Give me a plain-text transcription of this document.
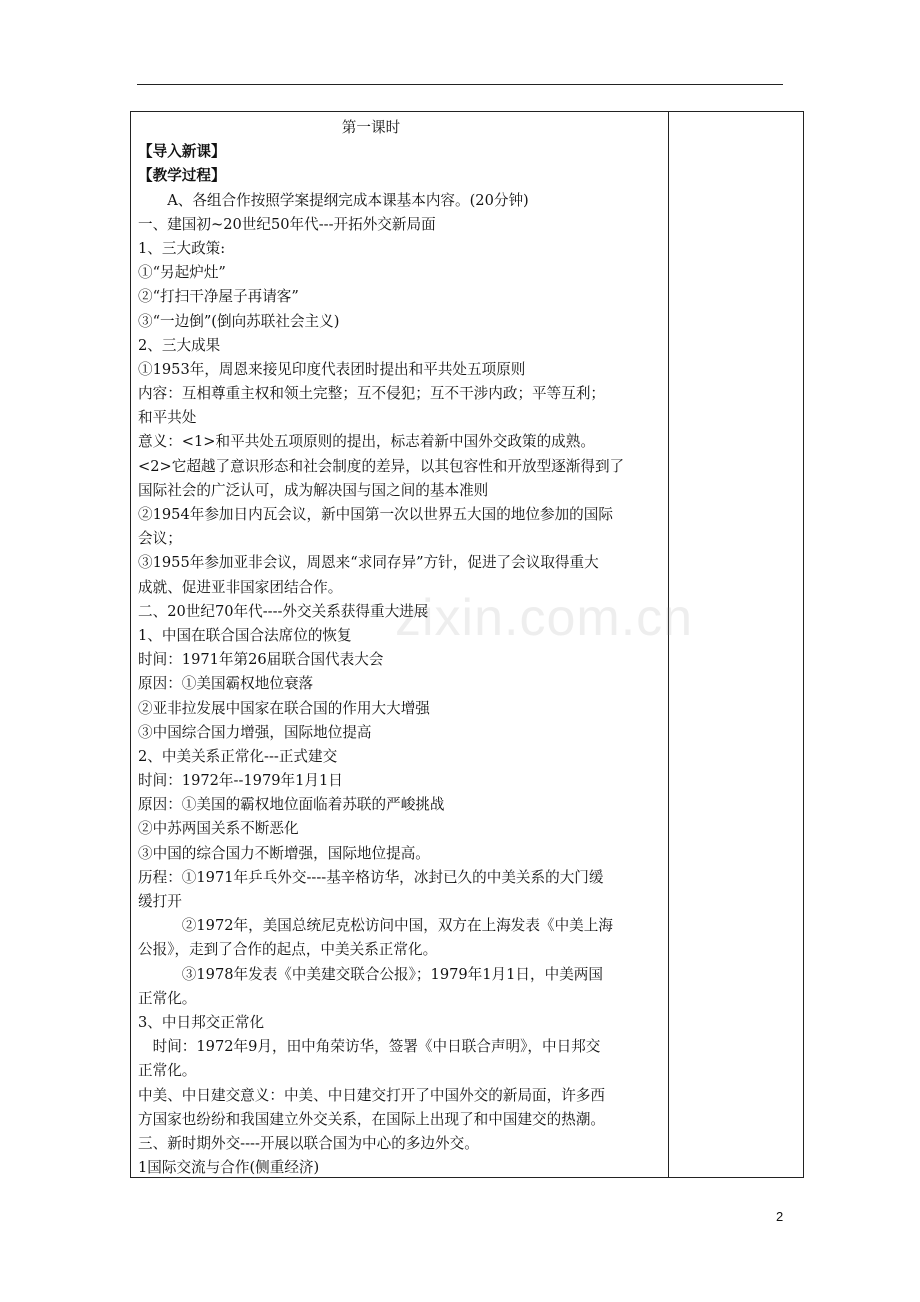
第一课时
【导入新课】
【教学过程】
　　A、各组合作按照学案提纲完成本课基本内容。(20分钟)
一、建国初~20世纪50年代---开拓外交新局面
1、三大政策:
①“另起炉灶”
②“打扫干净屋子再请客”
③“一边倒”(倒向苏联社会主义)
2、三大成果
①1953年，周恩来接见印度代表团时提出和平共处五项原则
内容：互相尊重主权和领土完整；互不侵犯；互不干涉内政；平等互利；
和平共处
意义：<1>和平共处五项原则的提出，标志着新中国外交政策的成熟。
<2>它超越了意识形态和社会制度的差异，以其包容性和开放型逐渐得到了
国际社会的广泛认可，成为解决国与国之间的基本准则
②1954年参加日内瓦会议，新中国第一次以世界五大国的地位参加的国际
会议；
③1955年参加亚非会议，周恩来“求同存异”方针，促进了会议取得重大
成就、促进亚非国家团结合作。
二、20世纪70年代----外交关系获得重大进展
1、中国在联合国合法席位的恢复
时间：1971年第26届联合国代表大会
原因：①美国霸权地位衰落
②亚非拉发展中国家在联合国的作用大大增强
③中国综合国力增强，国际地位提高
2、中美关系正常化---正式建交
时间：1972年--1979年1月1日
原因：①美国的霸权地位面临着苏联的严峻挑战
②中苏两国关系不断恶化
③中国的综合国力不断增强，国际地位提高。
历程：①1971年乒乓外交----基辛格访华，冰封已久的中美关系的大门缓
缓打开
　　　②1972年，美国总统尼克松访问中国，双方在上海发表《中美上海
公报》，走到了合作的起点，中美关系正常化。
　　　③1978年发表《中美建交联合公报》；1979年1月1日，中美两国
正常化。
3、中日邦交正常化
　时间：1972年9月，田中角荣访华，签署《中日联合声明》，中日邦交
正常化。
中美、中日建交意义：中美、中日建交打开了中国外交的新局面，许多西
方国家也纷纷和我国建立外交关系，在国际上出现了和中国建交的热潮。
三、新时期外交----开展以联合国为中心的多边外交。
1国际交流与合作(侧重经济)
zixin.com.cn
2
